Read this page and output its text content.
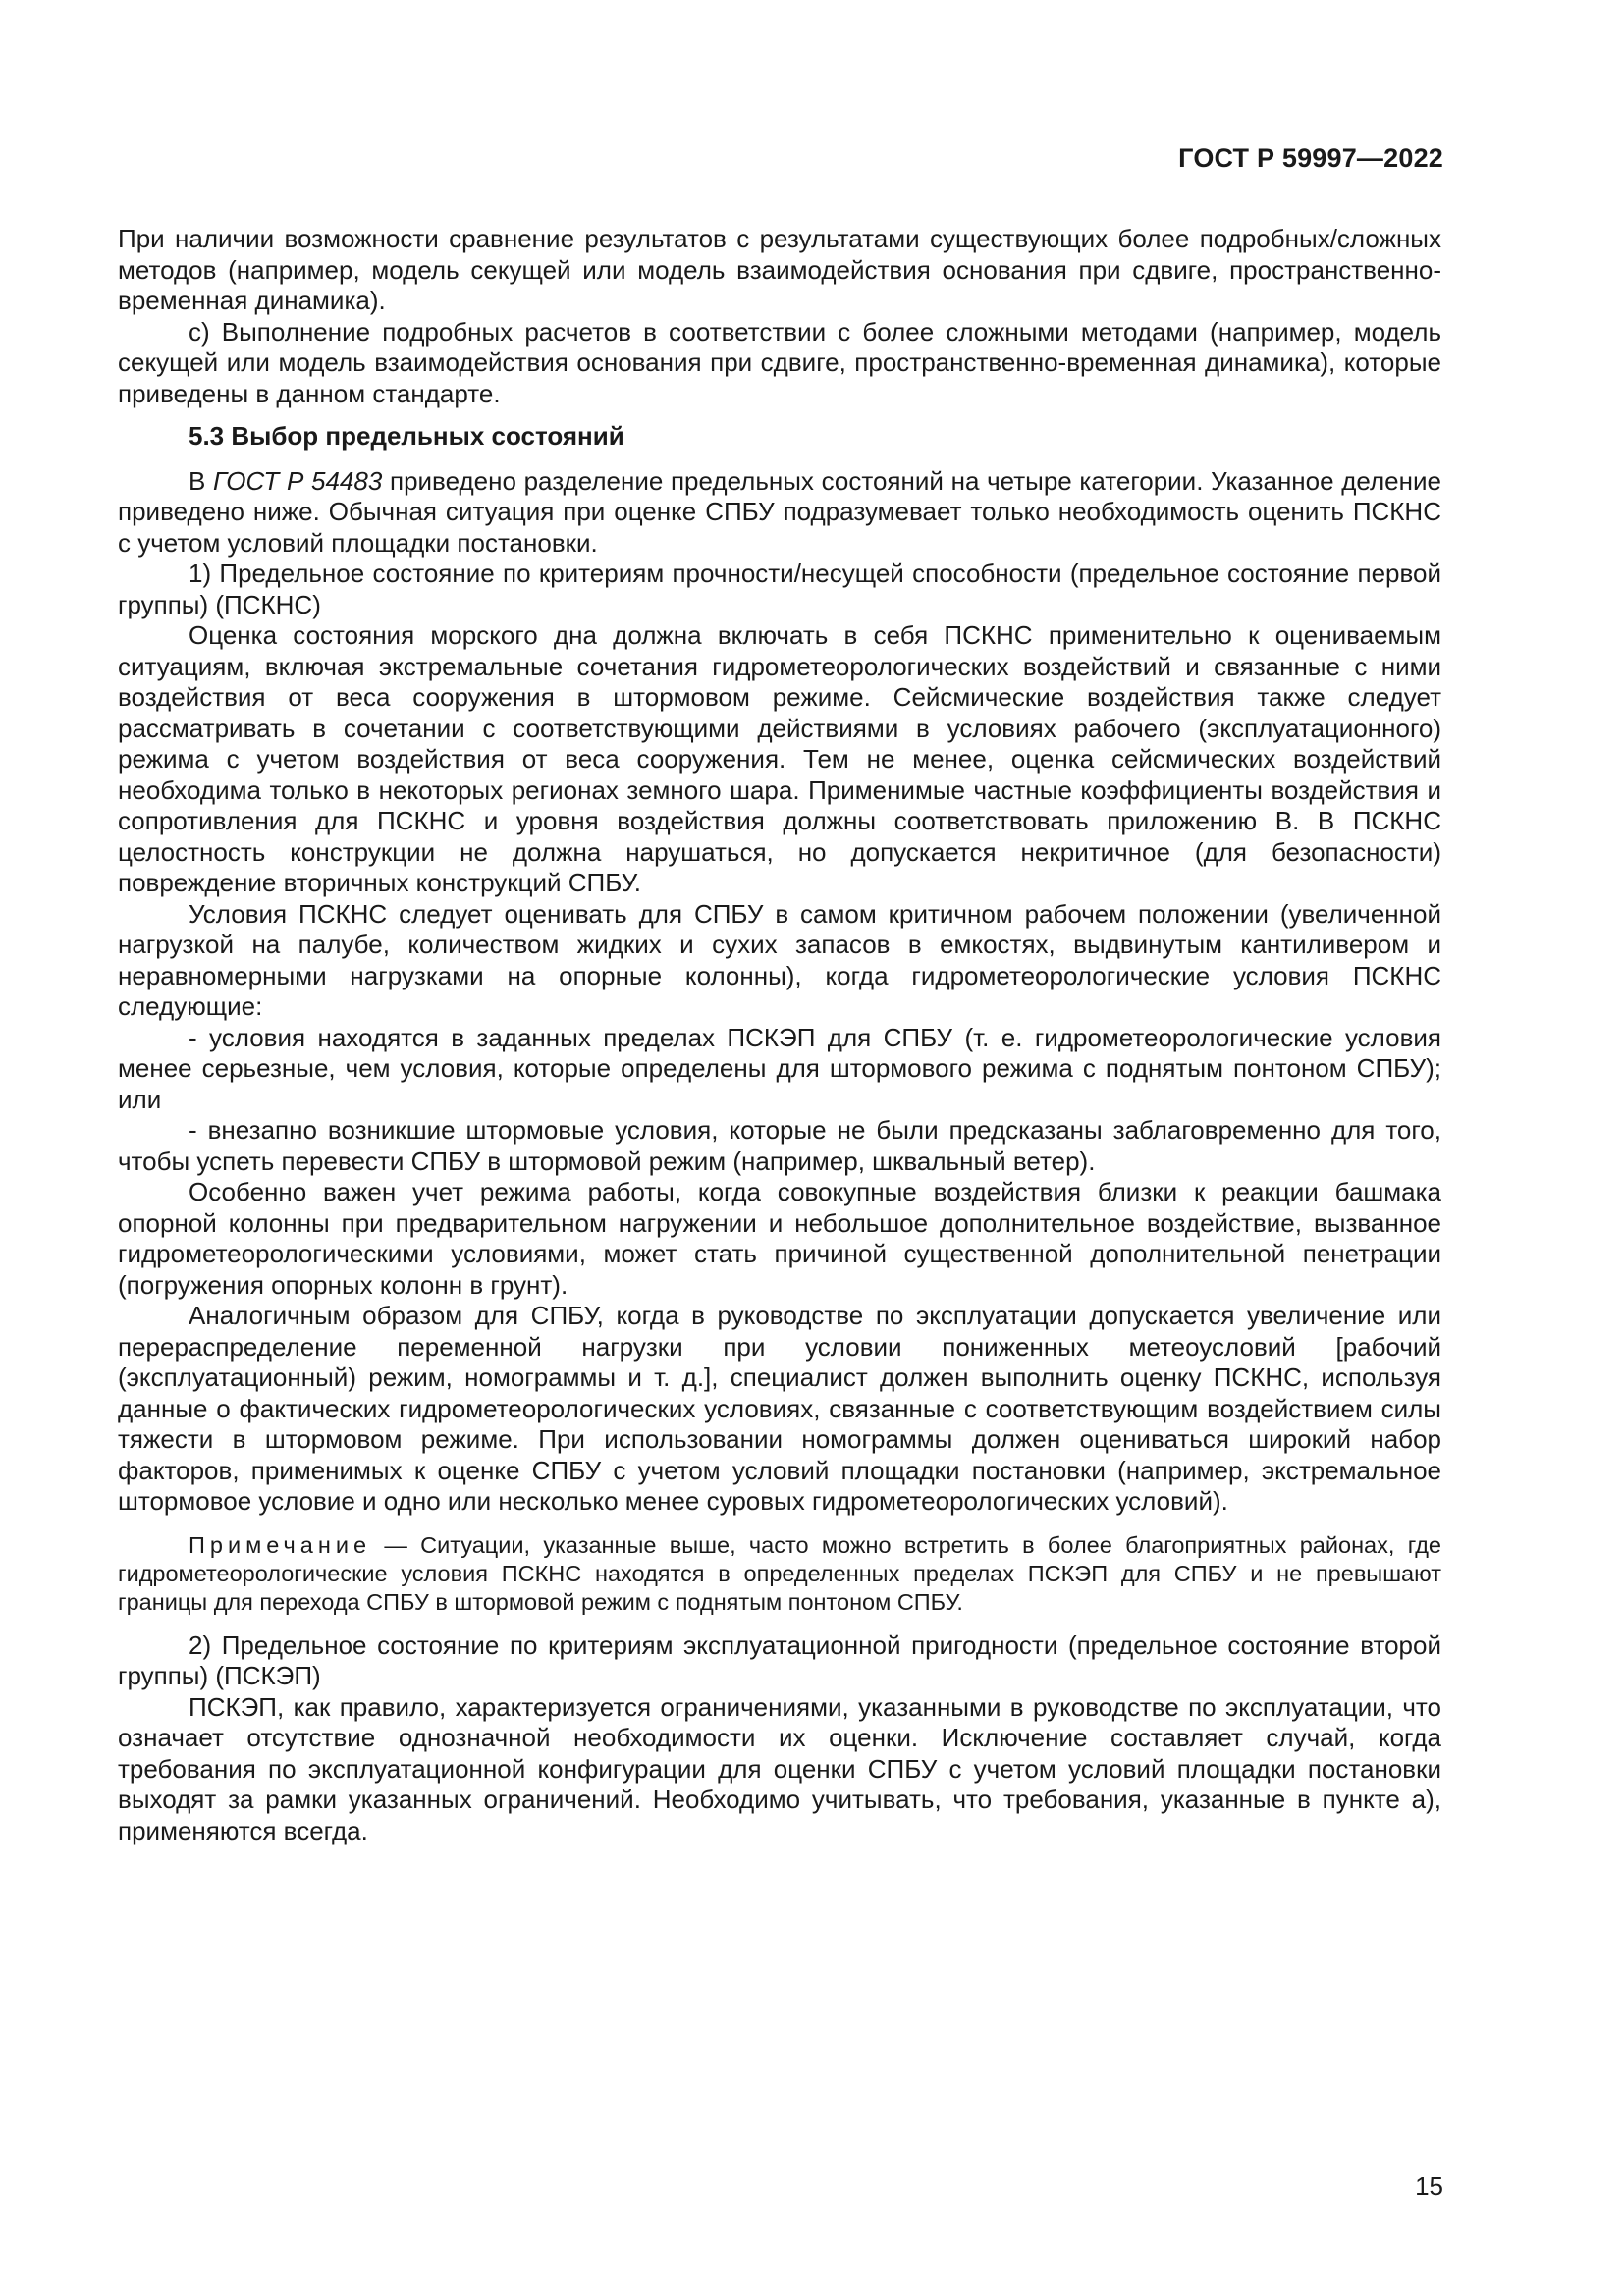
ГОСТ Р 59997—2022

При наличии возможности сравнение результатов с результатами существующих более подробных/сложных методов (например, модель секущей или модель взаимодействия основания при сдвиге, пространственно-временная динамика).

c) Выполнение подробных расчетов в соответствии с более сложными методами (например, модель секущей или модель взаимодействия основания при сдвиге, пространственно-временная динамика), которые приведены в данном стандарте.

5.3 Выбор предельных состояний

В ГОСТ Р 54483 приведено разделение предельных состояний на четыре категории. Указанное деление приведено ниже. Обычная ситуация при оценке СПБУ подразумевает только необходимость оценить ПСКНС с учетом условий площадки постановки.

1) Предельное состояние по критериям прочности/несущей способности (предельное состояние первой группы) (ПСКНС)

Оценка состояния морского дна должна включать в себя ПСКНС применительно к оцениваемым ситуациям, включая экстремальные сочетания гидрометеорологических воздействий и связанные с ними воздействия от веса сооружения в штормовом режиме. Сейсмические воздействия также следует рассматривать в сочетании с соответствующими действиями в условиях рабочего (эксплуатационного) режима с учетом воздействия от веса сооружения. Тем не менее, оценка сейсмических воздействий необходима только в некоторых регионах земного шара. Применимые частные коэффициенты воздействия и сопротивления для ПСКНС и уровня воздействия должны соответствовать приложению В. В ПСКНС целостность конструкции не должна нарушаться, но допускается некритичное (для безопасности) повреждение вторичных конструкций СПБУ.

Условия ПСКНС следует оценивать для СПБУ в самом критичном рабочем положении (увеличенной нагрузкой на палубе, количеством жидких и сухих запасов в емкостях, выдвинутым кантиливером и неравномерными нагрузками на опорные колонны), когда гидрометеорологические условия ПСКНС следующие:

- условия находятся в заданных пределах ПСКЭП для СПБУ (т. е. гидрометеорологические условия менее серьезные, чем условия, которые определены для штормового режима с поднятым понтоном СПБУ); или

- внезапно возникшие штормовые условия, которые не были предсказаны заблаговременно для того, чтобы успеть перевести СПБУ в штормовой режим (например, шквальный ветер).

Особенно важен учет режима работы, когда совокупные воздействия близки к реакции башмака опорной колонны при предварительном нагружении и небольшое дополнительное воздействие, вызванное гидрометеорологическими условиями, может стать причиной существенной дополнительной пенетрации (погружения опорных колонн в грунт).

Аналогичным образом для СПБУ, когда в руководстве по эксплуатации допускается увеличение или перераспределение переменной нагрузки при условии пониженных метеоусловий [рабочий (эксплуатационный) режим, номограммы и т. д.], специалист должен выполнить оценку ПСКНС, используя данные о фактических гидрометеорологических условиях, связанные с соответствующим воздействием силы тяжести в штормовом режиме. При использовании номограммы должен оцениваться широкий набор факторов, применимых к оценке СПБУ с учетом условий площадки постановки (например, экстремальное штормовое условие и одно или несколько менее суровых гидрометеорологических условий).

Примечание — Ситуации, указанные выше, часто можно встретить в более благоприятных районах, где гидрометеорологические условия ПСКНС находятся в определенных пределах ПСКЭП для СПБУ и не превышают границы для перехода СПБУ в штормовой режим с поднятым понтоном СПБУ.

2) Предельное состояние по критериям эксплуатационной пригодности (предельное состояние второй группы) (ПСКЭП)

ПСКЭП, как правило, характеризуется ограничениями, указанными в руководстве по эксплуатации, что означает отсутствие однозначной необходимости их оценки. Исключение составляет случай, когда требования по эксплуатационной конфигурации для оценки СПБУ с учетом условий площадки постановки выходят за рамки указанных ограничений. Необходимо учитывать, что требования, указанные в пункте а), применяются всегда.

15
